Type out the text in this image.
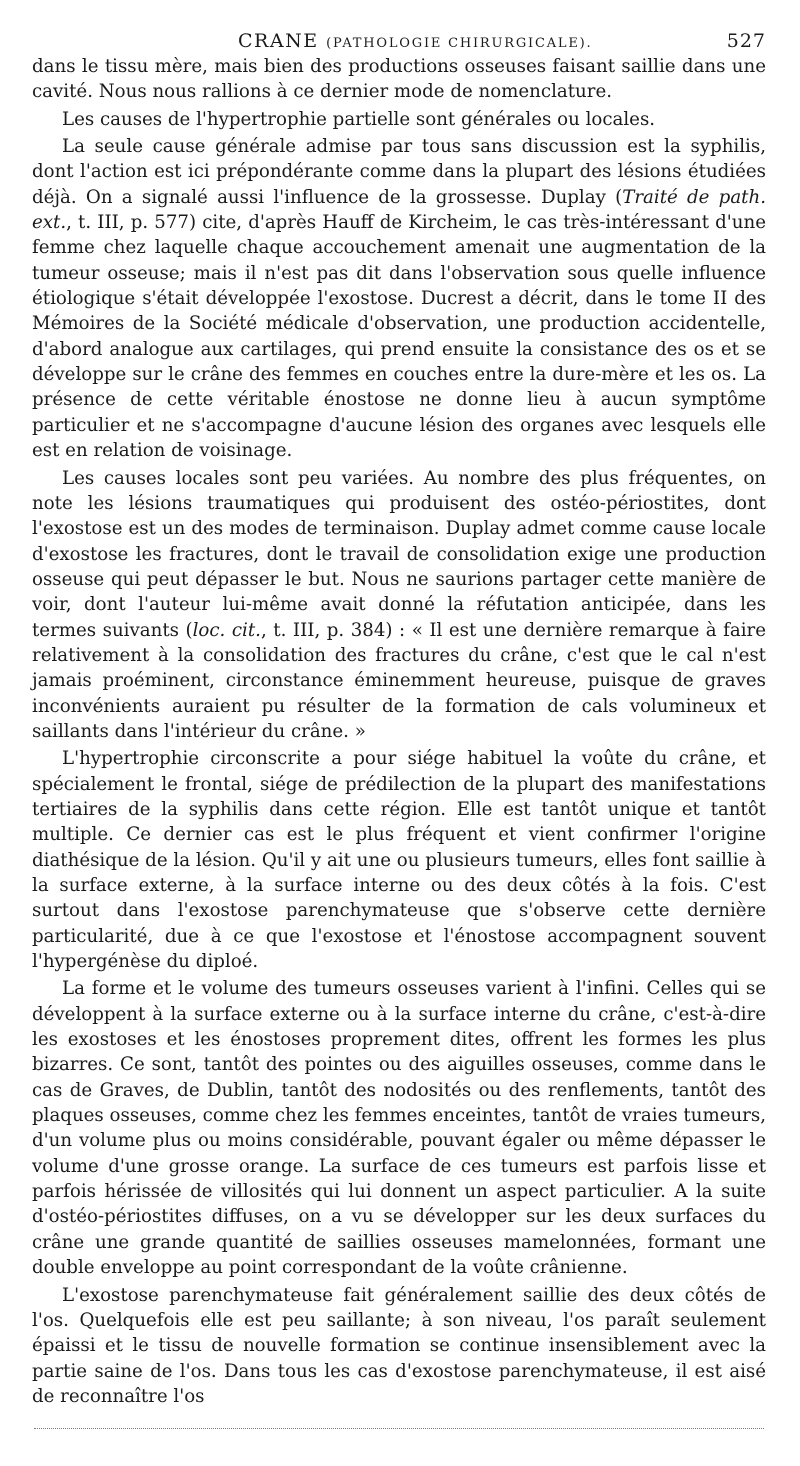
CRANE (PATHOLOGIE CHIRURGICALE).	527

dans le tissu mère, mais bien des productions osseuses faisant saillie dans une cavité. Nous nous rallions à ce dernier mode de nomenclature.

Les causes de l'hypertrophie partielle sont générales ou locales.

La seule cause générale admise par tous sans discussion est la syphilis, dont l'action est ici prépondérante comme dans la plupart des lésions étudiées déjà. On a signalé aussi l'influence de la grossesse. Duplay (Traité de path. ext., t. III, p. 577) cite, d'après Hauff de Kircheim, le cas très-intéressant d'une femme chez laquelle chaque accouchement amenait une augmentation de la tumeur osseuse; mais il n'est pas dit dans l'observation sous quelle influence étiologique s'était développée l'exostose. Ducrest a décrit, dans le tome II des Mémoires de la Société médicale d'observation, une production accidentelle, d'abord analogue aux cartilages, qui prend ensuite la consistance des os et se développe sur le crâne des femmes en couches entre la dure-mère et les os. La présence de cette véritable énostose ne donne lieu à aucun symptôme particulier et ne s'accompagne d'aucune lésion des organes avec lesquels elle est en relation de voisinage.

Les causes locales sont peu variées. Au nombre des plus fréquentes, on note les lésions traumatiques qui produisent des ostéo-périostites, dont l'exostose est un des modes de terminaison. Duplay admet comme cause locale d'exostose les fractures, dont le travail de consolidation exige une production osseuse qui peut dépasser le but. Nous ne saurions partager cette manière de voir, dont l'auteur lui-même avait donné la réfutation anticipée, dans les termes suivants (loc. cit., t. III, p. 384) : « Il est une dernière remarque à faire relativement à la consolidation des fractures du crâne, c'est que le cal n'est jamais proéminent, circonstance éminemment heureuse, puisque de graves inconvénients auraient pu résulter de la formation de cals volumineux et saillants dans l'intérieur du crâne. »

L'hypertrophie circonscrite a pour siége habituel la voûte du crâne, et spécialement le frontal, siége de prédilection de la plupart des manifestations tertiaires de la syphilis dans cette région. Elle est tantôt unique et tantôt multiple. Ce dernier cas est le plus fréquent et vient confirmer l'origine diathésique de la lésion. Qu'il y ait une ou plusieurs tumeurs, elles font saillie à la surface externe, à la surface interne ou des deux côtés à la fois. C'est surtout dans l'exostose parenchymateuse que s'observe cette dernière particularité, due à ce que l'exostose et l'énostose accompagnent souvent l'hypergénèse du diploé.

La forme et le volume des tumeurs osseuses varient à l'infini. Celles qui se développent à la surface externe ou à la surface interne du crâne, c'est-à-dire les exostoses et les énostoses proprement dites, offrent les formes les plus bizarres. Ce sont, tantôt des pointes ou des aiguilles osseuses, comme dans le cas de Graves, de Dublin, tantôt des nodosités ou des renflements, tantôt des plaques osseuses, comme chez les femmes enceintes, tantôt de vraies tumeurs, d'un volume plus ou moins considérable, pouvant égaler ou même dépasser le volume d'une grosse orange. La surface de ces tumeurs est parfois lisse et parfois hérissée de villosités qui lui donnent un aspect particulier. A la suite d'ostéo-périostites diffuses, on a vu se développer sur les deux surfaces du crâne une grande quantité de saillies osseuses mamelonnées, formant une double enveloppe au point correspondant de la voûte crânienne.

L'exostose parenchymateuse fait généralement saillie des deux côtés de l'os. Quelquefois elle est peu saillante; à son niveau, l'os paraît seulement épaissi et le tissu de nouvelle formation se continue insensiblement avec la partie saine de l'os. Dans tous les cas d'exostose parenchymateuse, il est aisé de reconnaître l'os
